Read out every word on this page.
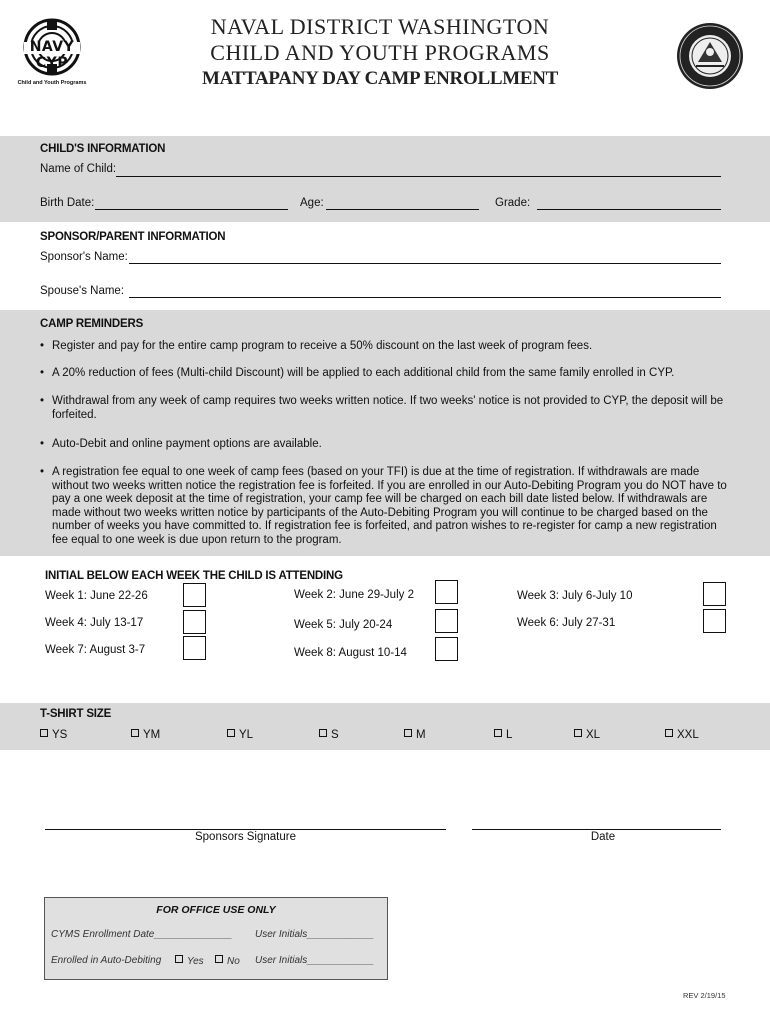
NAVY CYP
Child and Youth Programs
NAVAL DISTRICT WASHINGTON
CHILD AND YOUTH PROGRAMS
MATTAPANY DAY CAMP ENROLLMENT
CHILD'S INFORMATION
Name of Child:
Birth Date:	Age:	Grade:
SPONSOR/PARENT INFORMATION
Sponsor's Name:
Spouse's Name:
CAMP REMINDERS
• Register and pay for the entire camp program to receive a 50% discount on the last week of program fees.
• A 20% reduction of fees (Multi-child Discount) will be applied to each additional child from the same family enrolled in CYP.
• Withdrawal from any week of camp requires two weeks written notice. If two weeks' notice is not provided to CYP, the deposit will be forfeited.
• Auto-Debit and online payment options are available.
• A registration fee equal to one week of camp fees (based on your TFI) is due at the time of registration. If withdrawals are made without two weeks written notice the registration fee is forfeited. If you are enrolled in our Auto-Debiting Program you do NOT have to pay a one week deposit at the time of registration, your camp fee will be charged on each bill date listed below. If withdrawals are made without two weeks written notice by participants of the Auto-Debiting Program you will continue to be charged based on the number of weeks you have committed to. If registration fee is forfeited, and patron wishes to re-register for camp a new registration fee equal to one week is due upon return to the program.
INITIAL BELOW EACH WEEK THE CHILD IS ATTENDING
Week 1: June 22-26	Week 2: June 29-July 2	Week 3: July 6-July 10
Week 4: July 13-17	Week 5: July 20-24	Week 6: July 27-31
Week 7: August 3-7	Week 8: August 10-14
T-SHIRT SIZE
YS	YM	YL	S	M	L	XL	XXL
Sponsors Signature	Date
FOR OFFICE USE ONLY
CYMS Enrollment Date______________ User Initials____________
Enrolled in Auto-Debiting	Yes	No User Initials____________
REV 2/19/15
